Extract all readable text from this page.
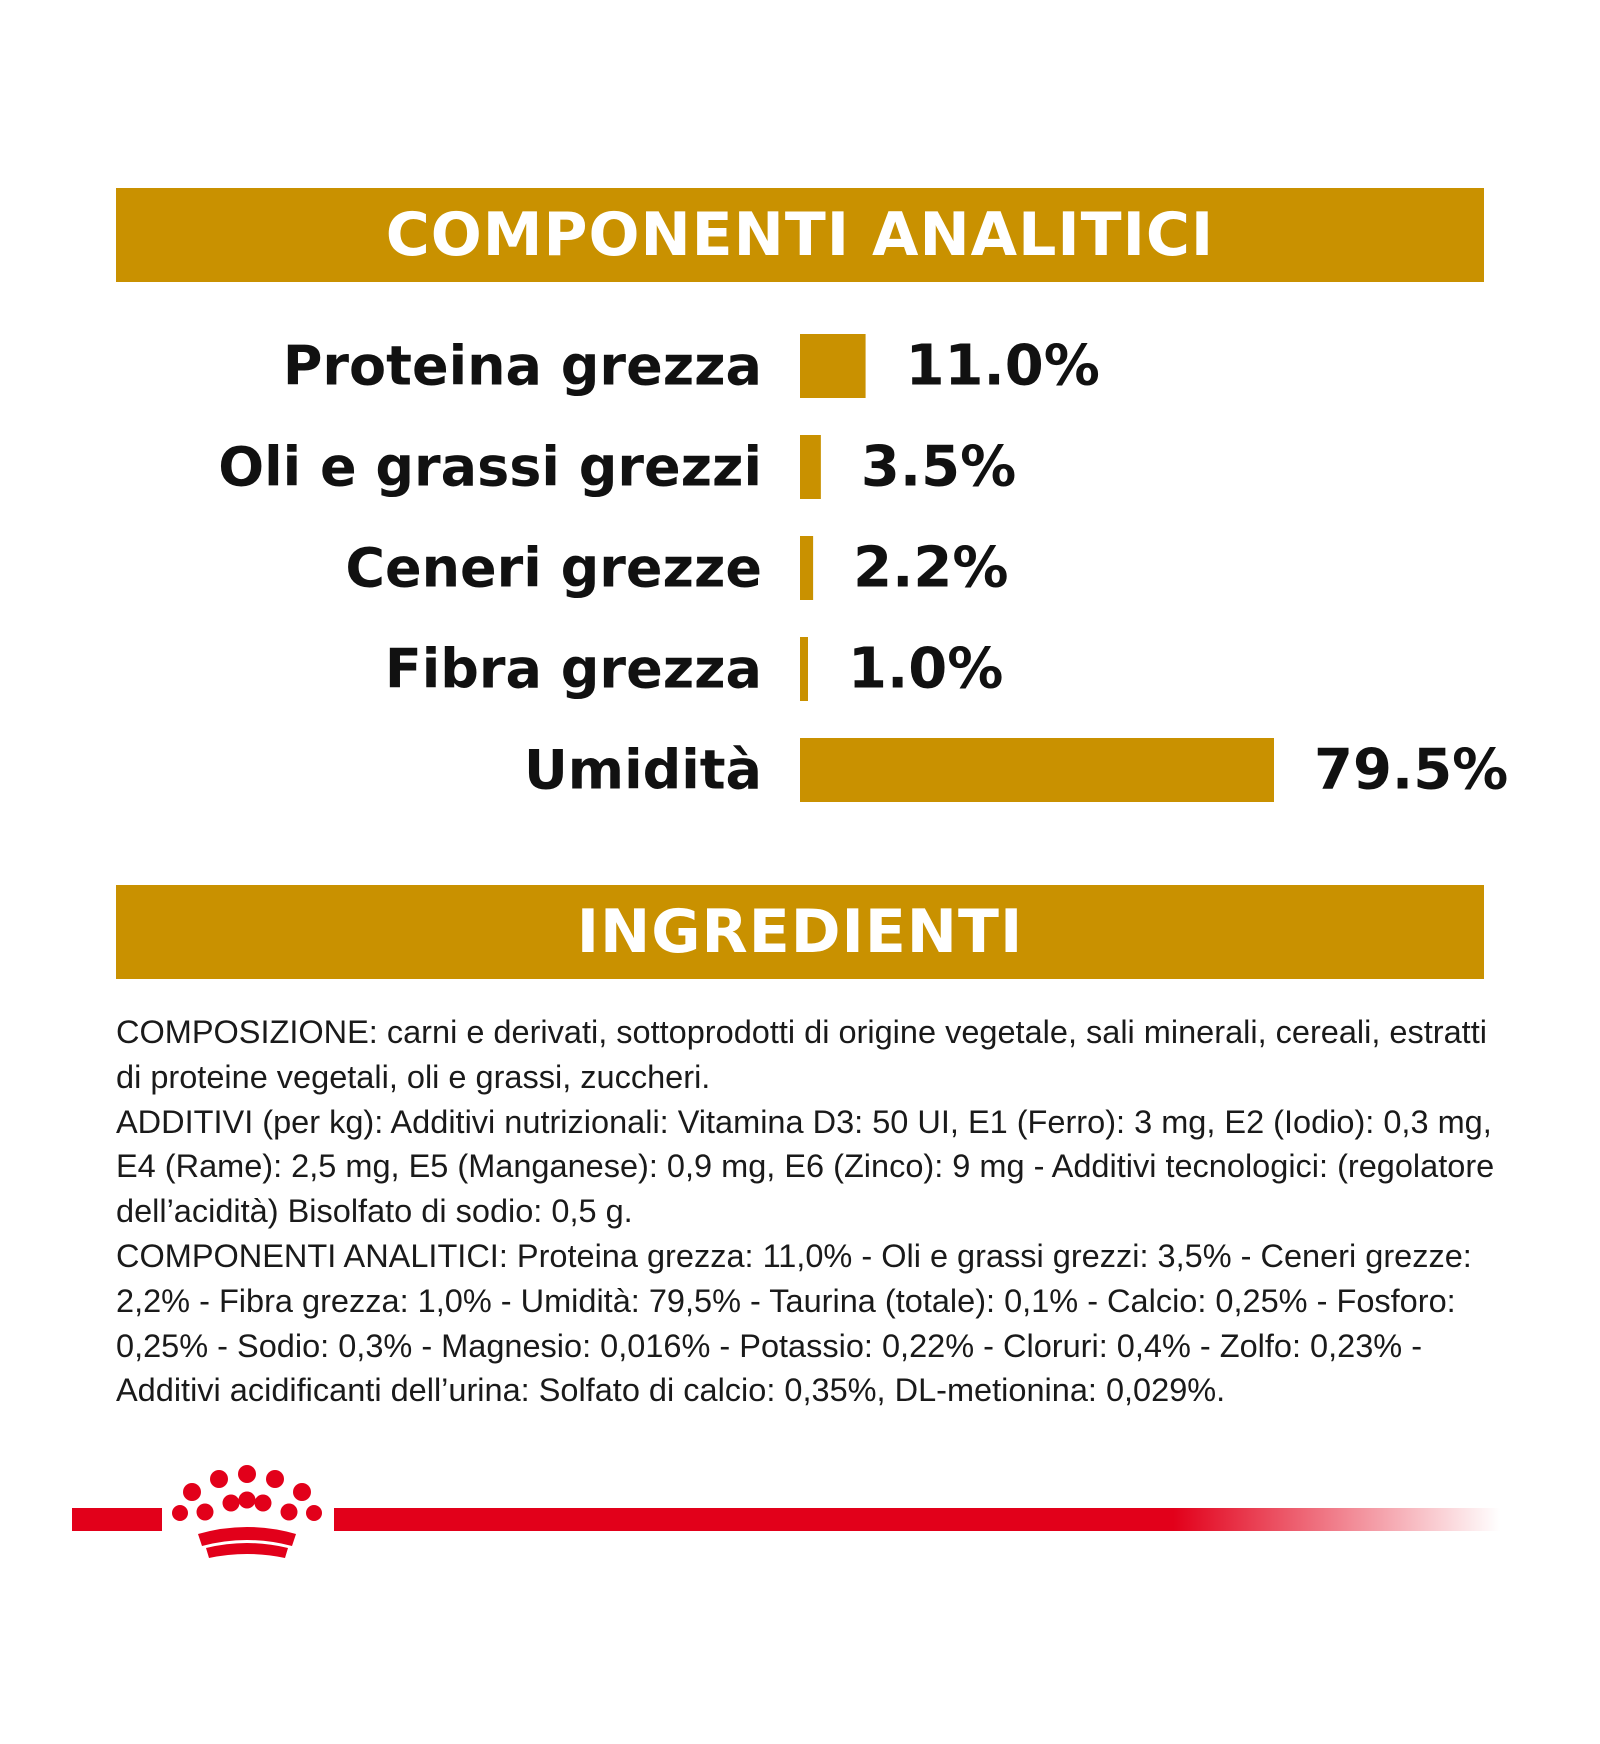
COMPONENTI ANALITICI
Proteina grezza	11.0%
Oli e grassi grezzi 3.5%
Ceneri grezze 2.2%
Fibra grezza 1.0%
Umidità	79.5%
INGREDIENTI

COMPOSIZIONE: carni e derivati, sottoprodotti di origine vegetale, sali minerali, cereali, estratti di proteine vegetali, oli e grassi, zuccheri.

ADDITIVI (per kg): Additivi nutrizionali: Vitamina D3: 50 UI, E1 (Ferro): 3 mg, E2 (Iodio): 0,3 mg, E4 (Rame): 2,5 mg, E5 (Manganese): 0,9 mg, E6 (Zinco): 9 mg - Additivi tecnologici: (regolatore dell’acidità) Bisolfato di sodio: 0,5 g.

COMPONENTI ANALITICI: Proteina grezza: 11,0% - Oli e grassi grezzi: 3,5% - Ceneri grezze: 2,2% - Fibra grezza: 1,0% - Umidità: 79,5% - Taurina (totale): 0,1% - Calcio: 0,25% - Fosforo: 0,25% - Sodio: 0,3% - Magnesio: 0,016% - Potassio: 0,22% - Cloruri: 0,4% - Zolfo: 0,23% - Additivi acidificanti dell’urina: Solfato di calcio: 0,35%, DL-metionina: 0,029%.
